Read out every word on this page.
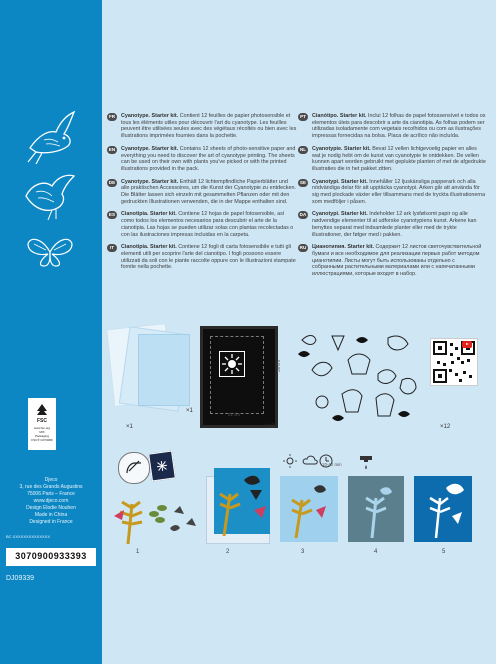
FSC
www.fsc.org
MIX
Packaging
FSC® C074080
Djeco
3, rue des Grands Augustins
75006 Paris – France
www.djeco.com
Design Elodie Nouhen
Made in China
Designed in France
BC XXXXXXXXXXXXXX
3070900933393
DJ09339
FR	Cyanotype. Starter kit. Contient 12 feuilles de papier photosensible et tous les éléments utiles pour découvrir l'art du cyanotype. Les feuilles peuvent être utilisées seules avec des végétaux récoltés ou bien avec les illustrations imprimées fournies dans la pochette.
EN	Cyanotype. Starter kit. Contains 12 sheets of photo-sensitive paper and everything you need to discover the art of cyanotype printing. The sheets can be used on their own with plants you've picked or with the printed illustrations provided in the pack.
DE	Cyanotype. Starter kit. Enthält 12 lichtempfindliche Papierblätter und alle praktischen Accessoires, um die Kunst der Cyanotypie zu entdecken. Die Blätter lassen sich einzeln mit gesammelten Pflanzen oder mit den gedruckten Illustrationen verwenden, die in der Mappe enthalten sind.
ES	Cianotipia. Starter kit. Contiene 12 hojas de papel fotosensible, así como todos los elementos necesarios para descubrir el arte de la cianotipia. Las hojas se pueden utilizar solas con plantas recolectadas o con las ilustraciones impresas incluidas en la carpeta.
IT	Cianotipia. Starter kit. Contiene 12 fogli di carta fotosensibile e tutti gli elementi utili per scoprire l'arte del cianotipo. I fogli possono essere utilizzati da soli con le piante raccolte oppure con le illustrazioni stampate fornite nella pochette.
PT	Cianótipo. Starter kit. Inclui 12 folhas de papel fotossensível e todos os elementos úteis para descobrir a arte da cianotipia. As folhas podem ser utilizadas isoladamente com vegetais recolhidos ou com as ilustrações impressas fornecidas na bolsa. Placa de acrílico não incluída.
NL	Cyanotypie. Starter kit. Bevat 12 vellen lichtgevoelig papier en alles wat je nodig hebt om de kunst van cyanotypie te ontdekken. De vellen kunnen apart worden gebruikt met geplukte planten of met de afgedrukte illustraties die in het pakket zitten.
SE	Cyanotypi. Starter kit. Innehåller 12 ljuskänsliga papperark och alla nödvändiga delar för att upptäcka cyanotypi. Arken går att använda för sig med plockade växter eller tillsammans med de tryckta illustrationerna som medföljer i påsen.
DA	Cyanotypi. Starter kit. Indeholder 12 ark lysfølsomt papir og alle nødvendige elementer til at udforske cyanotypiens kunst. Arkene kan benyttes separat med indsamlede planter eller med de trykte illustrationer, der følger med i pakken.
RU	Цианотипия. Starter kit. Содержит 12 листов светочувствительной бумаги и все необходимое для реализации первых работ методом цианотипии. Листы могут быть использованы отдельно с собранными растительными материалами или с напечатанными иллюстрациями, которые входят в набор.
×1
×1
21 cm
28 cm
×12	×12
1	2
10-40 min
3	4	5
